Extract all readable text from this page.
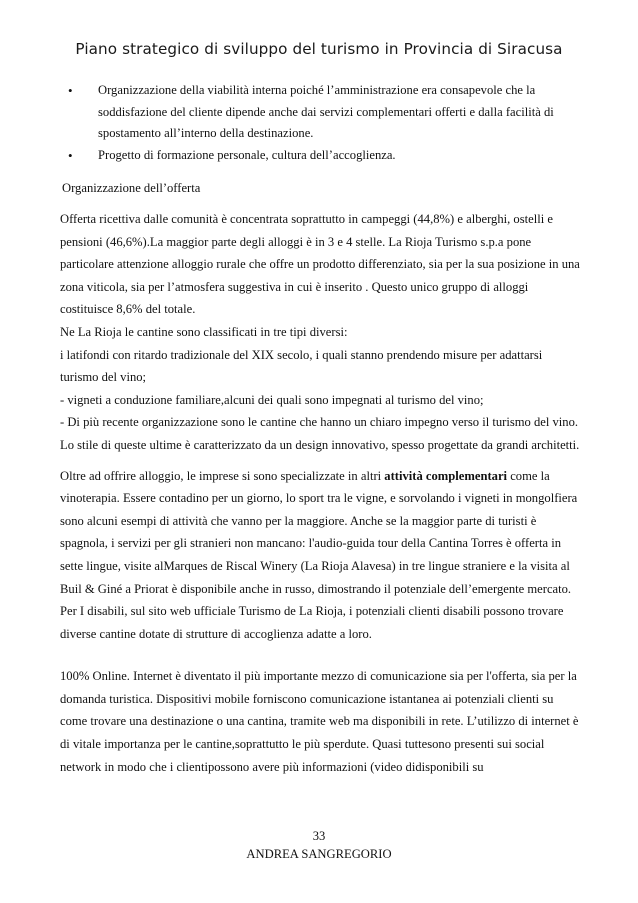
Piano strategico di sviluppo del turismo in Provincia di Siracusa
• Organizzazione della viabilità interna poiché l’amministrazione era consapevole che la soddisfazione del cliente dipende anche dai servizi complementari offerti e dalla facilità di spostamento all’interno della destinazione.
• Progetto di formazione personale, cultura dell’accoglienza.
Organizzazione dell’offerta

Offerta ricettiva dalle comunità è concentrata soprattutto in campeggi (44,8%) e alberghi, ostelli e pensioni (46,6%).La maggior parte degli alloggi è in 3 e 4 stelle. La Rioja Turismo s.p.a pone particolare attenzione alloggio rurale che offre un prodotto differenziato, sia per la sua posizione in una zona viticola, sia per l’atmosfera suggestiva in cui è inserito . Questo unico gruppo di alloggi costituisce 8,6% del totale.

Ne La Rioja le cantine sono classificati in tre tipi diversi:

i latifondi con ritardo tradizionale del XIX secolo, i quali stanno prendendo misure per adattarsi turismo del vino;

- vigneti a conduzione familiare,alcuni dei quali sono impegnati al turismo del vino;

- Di più recente organizzazione sono le cantine che hanno un chiaro impegno verso il turismo del vino. Lo stile di queste ultime è caratterizzato da un design innovativo, spesso progettate da grandi architetti.

Oltre ad offrire alloggio, le imprese si sono specializzate in altri attività complementari come la vinoterapia. Essere contadino per un giorno, lo sport tra le vigne, e sorvolando i vigneti in mongolfiera sono alcuni esempi di attività che vanno per la maggiore. Anche se la maggior parte di turisti è spagnola, i servizi per gli stranieri non mancano: l'audio-guida tour della Cantina Torres è offerta in sette lingue, visite alMarques de Riscal Winery (La Rioja Alavesa) in tre lingue straniere e la visita al Buil & Giné a Priorat è disponibile anche in russo, dimostrando il potenziale dell’emergente mercato.

Per I disabili, sul sito web ufficiale Turismo de La Rioja, i potenziali clienti disabili possono trovare diverse cantine dotate di strutture di accoglienza adatte a loro.

100% Online. Internet è diventato il più importante mezzo di comunicazione sia per l'offerta, sia per la domanda turistica. Dispositivi mobile forniscono comunicazione istantanea ai potenziali clienti su come trovare una destinazione o una cantina, tramite web ma disponibili in rete. L’utilizzo di internet è di vitale importanza per le cantine,soprattutto le più sperdute. Quasi tuttesono presenti sui social network in modo che i clientipossono avere più informazioni (video didisponibili su

33
ANDREA SANGREGORIO
